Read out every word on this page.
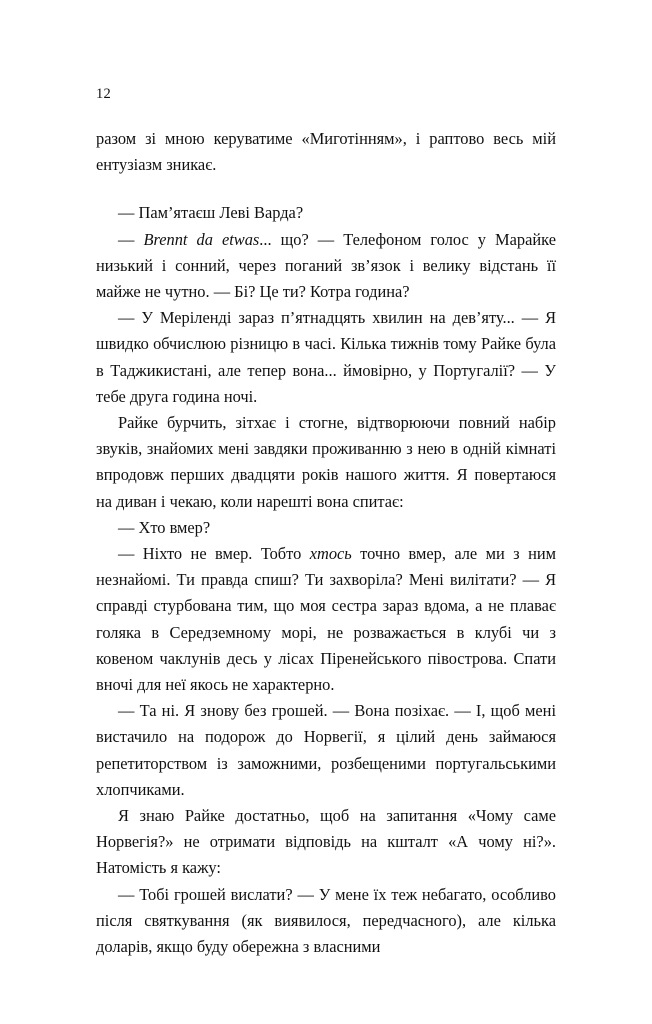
12

разом зі мною керуватиме «Миготінням», і раптово весь мій ентузіазм зникає.

— Пам’ятаєш Леві Варда?

— Brennt da etwas... що? — Телефоном голос у Марайке низький і сонний, через поганий зв’язок і велику відстань її майже не чутно. — Бі? Це ти? Котра година?

— У Мерiленді зараз п’ятнадцять хвилин на дев’яту... — Я швидко обчислюю різницю в часі. Кілька тижнів тому Райке була в Таджикистані, але тепер вона... ймовірно, у Португалії? — У тебе друга година ночі.

Райке бурчить, зітхає і стогне, відтворюючи повний набір звуків, знайомих мені завдяки проживанню з нею в одній кімнаті впродовж перших двадцяти років нашого життя. Я повертаюся на диван і чекаю, коли нарешті вона спитає:

— Хто вмер?

— Ніхто не вмер. Тобто хтось точно вмер, але ми з ним незнайомі. Ти правда спиш? Ти захворіла? Мені вилітати? — Я справді стурбована тим, що моя сестра зараз вдома, а не плаває голяка в Середземному морі, не розважається в клубі чи з ковеном чаклунів десь у лісах Піренейського півострова. Спати вночі для неї якось не характерно.

— Та ні. Я знову без грошей. — Вона позіхає. — І, щоб мені вистачило на подорож до Норвегії, я цілий день займаюся репетиторством із заможними, розбещеними португальськими хлопчиками.

Я знаю Райке достатньо, щоб на запитання «Чому саме Норвегія?» не отримати відповідь на кшталт «А чому ні?». Натомість я кажу:

— Тобі грошей вислати? — У мене їх теж небагато, особливо після святкування (як виявилося, передчасного), але кілька доларів, якщо буду обережна з власними
